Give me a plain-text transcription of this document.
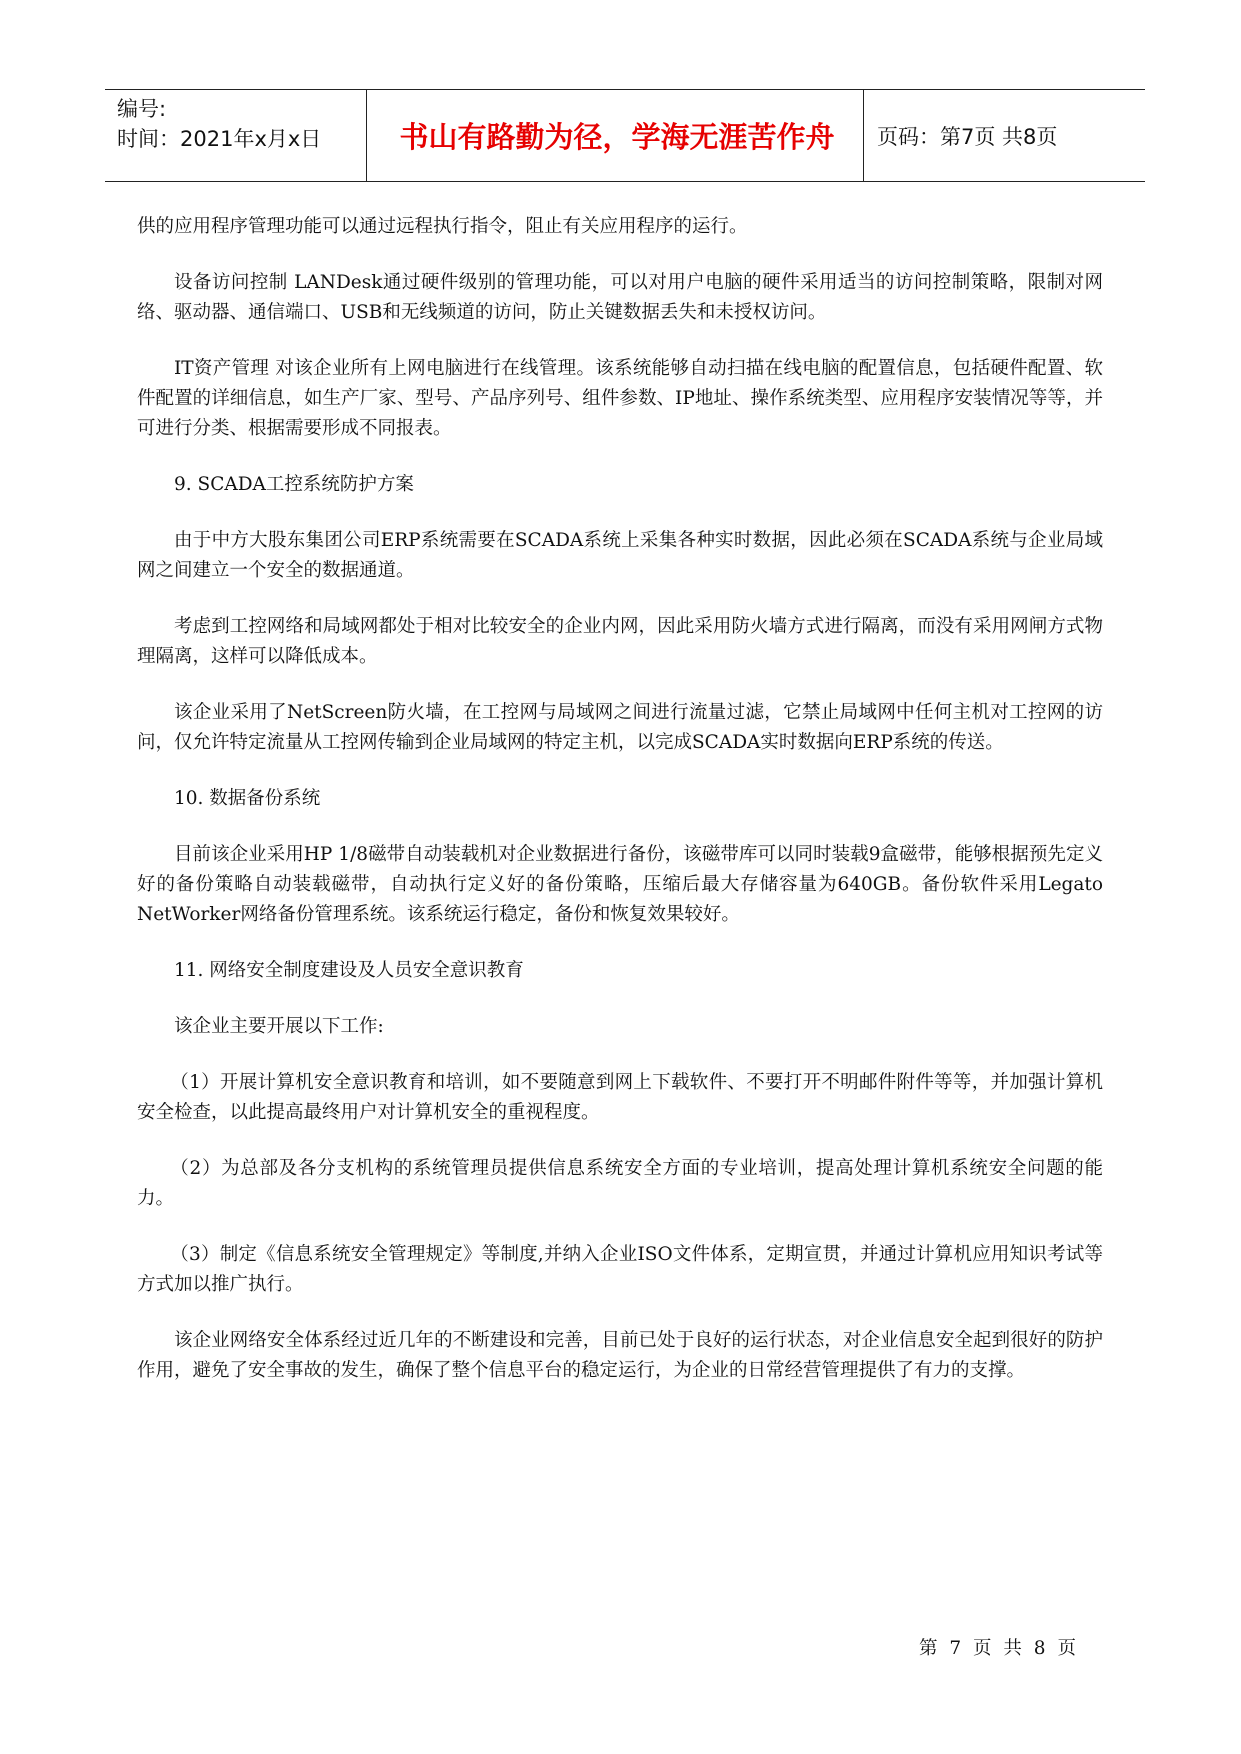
编号:
时间：2021年x月x日	书山有路勤为径，学海无涯苦作舟	页码：第7页 共8页

供的应用程序管理功能可以通过远程执行指令，阻止有关应用程序的运行。

设备访问控制 LANDesk通过硬件级别的管理功能，可以对用户电脑的硬件采用适当的访问控制策略，限制对网络、驱动器、通信端口、USB和无线频道的访问，防止关键数据丢失和未授权访问。

IT资产管理 对该企业所有上网电脑进行在线管理。该系统能够自动扫描在线电脑的配置信息，包括硬件配置、软件配置的详细信息，如生产厂家、型号、产品序列号、组件参数、IP地址、操作系统类型、应用程序安装情况等等，并可进行分类、根据需要形成不同报表。

9. SCADA工控系统防护方案

由于中方大股东集团公司ERP系统需要在SCADA系统上采集各种实时数据，因此必须在SCADA系统与企业局域网之间建立一个安全的数据通道。

考虑到工控网络和局域网都处于相对比较安全的企业内网，因此采用防火墙方式进行隔离，而没有采用网闸方式物理隔离，这样可以降低成本。

该企业采用了NetScreen防火墙，在工控网与局域网之间进行流量过滤，它禁止局域网中任何主机对工控网的访问，仅允许特定流量从工控网传输到企业局域网的特定主机，以完成SCADA实时数据向ERP系统的传送。

10. 数据备份系统

目前该企业采用HP 1/8磁带自动装载机对企业数据进行备份，该磁带库可以同时装载9盒磁带，能够根据预先定义好的备份策略自动装载磁带，自动执行定义好的备份策略，压缩后最大存储容量为640GB。备份软件采用Legato NetWorker网络备份管理系统。该系统运行稳定，备份和恢复效果较好。

11. 网络安全制度建设及人员安全意识教育

该企业主要开展以下工作:

（1）开展计算机安全意识教育和培训，如不要随意到网上下载软件、不要打开不明邮件附件等等，并加强计算机安全检查，以此提高最终用户对计算机安全的重视程度。

（2）为总部及各分支机构的系统管理员提供信息系统安全方面的专业培训，提高处理计算机系统安全问题的能力。

（3）制定《信息系统安全管理规定》等制度,并纳入企业ISO文件体系，定期宣贯，并通过计算机应用知识考试等方式加以推广执行。

该企业网络安全体系经过近几年的不断建设和完善，目前已处于良好的运行状态，对企业信息安全起到很好的防护作用，避免了安全事故的发生，确保了整个信息平台的稳定运行，为企业的日常经营管理提供了有力的支撑。

第 7 页 共 8 页
